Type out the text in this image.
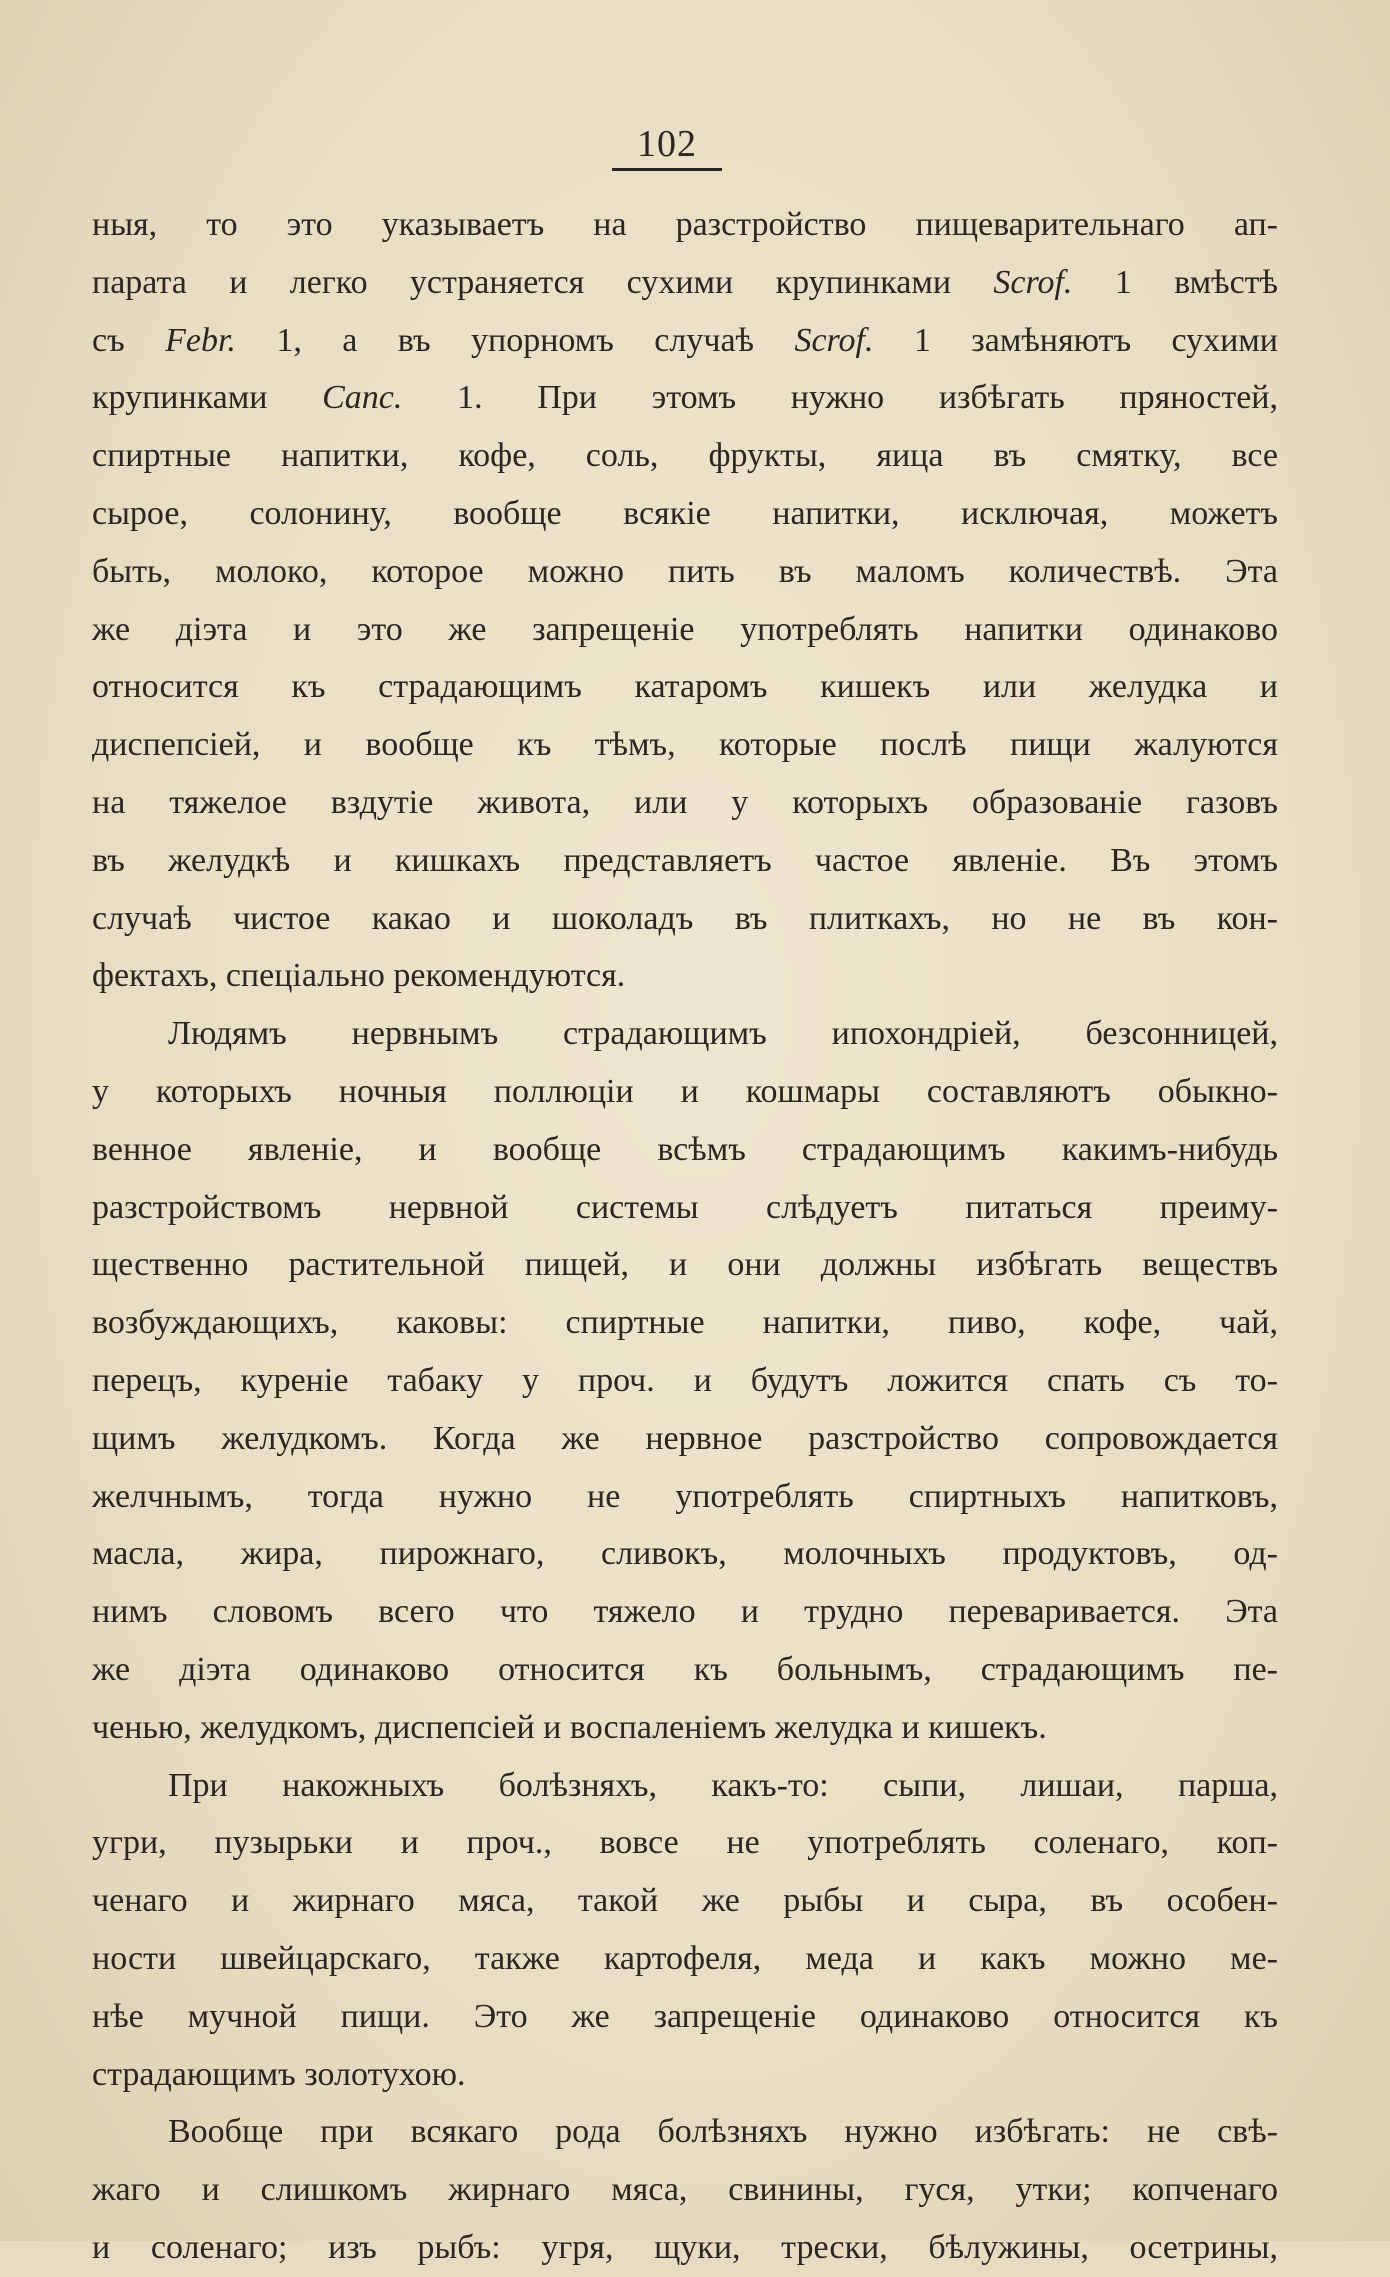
102
ныя, то это указываетъ на разстройство пищеварительнаго ап-
парата и легко устраняется сухими крупинками Scrof. 1 вмѣстѣ
съ Febr. 1, а въ упорномъ случаѣ Scrof. 1 замѣняютъ сухими
крупинками Canc. 1. При этомъ нужно избѣгать пряностей,
спиртные напитки, кофе, соль, фрукты, яица въ смятку, все
сырое, солонину, вообще всякіе напитки, исключая, можетъ
быть, молоко, которое можно пить въ маломъ количествѣ. Эта
же діэта и это же запрещеніе употреблять напитки одинаково
относится къ страдающимъ катаромъ кишекъ или желудка и
диспепсіей, и вообще къ тѣмъ, которые послѣ пищи жалуются
на тяжелое вздутіе живота, или у которыхъ образованіе газовъ
въ желудкѣ и кишкахъ представляетъ частое явленіе. Въ этомъ
случаѣ чистое какао и шоколадъ въ плиткахъ, но не въ кон-
фектахъ, спеціально рекомендуются.
Людямъ нервнымъ страдающимъ ипохондріей, безсонницей,
у которыхъ ночныя поллюціи и кошмары составляютъ обыкно-
венное явленіе, и вообще всѣмъ страдающимъ какимъ-нибудь
разстройствомъ нервной системы слѣдуетъ питаться преиму-
щественно растительной пищей, и они должны избѣгать веществъ
возбуждающихъ, каковы: спиртные напитки, пиво, кофе, чай,
перецъ, куреніе табаку у проч. и будутъ ложится спать съ то-
щимъ желудкомъ. Когда же нервное разстройство сопровождается
желчнымъ, тогда нужно не употреблять спиртныхъ напитковъ,
масла, жира, пирожнаго, сливокъ, молочныхъ продуктовъ, од-
нимъ словомъ всего что тяжело и трудно переваривается. Эта
же діэта одинаково относится къ больнымъ, страдающимъ пе-
ченью, желудкомъ, диспепсіей и воспаленіемъ желудка и кишекъ.
При накожныхъ болѣзняхъ, какъ-то: сыпи, лишаи, парша,
угри, пузырьки и проч., вовсе не употреблять соленаго, коп-
ченаго и жирнаго мяса, такой же рыбы и сыра, въ особен-
ности швейцарскаго, также картофеля, меда и какъ можно ме-
нѣе мучной пищи. Это же запрещеніе одинаково относится къ
страдающимъ золотухою.
Вообще при всякаго рода болѣзняхъ нужно избѣгать: не свѣ-
жаго и слишкомъ жирнаго мяса, свинины, гуся, утки; копченаго
и соленаго; изъ рыбъ: угря, щуки, трески, бѣлужины, осетрины,
